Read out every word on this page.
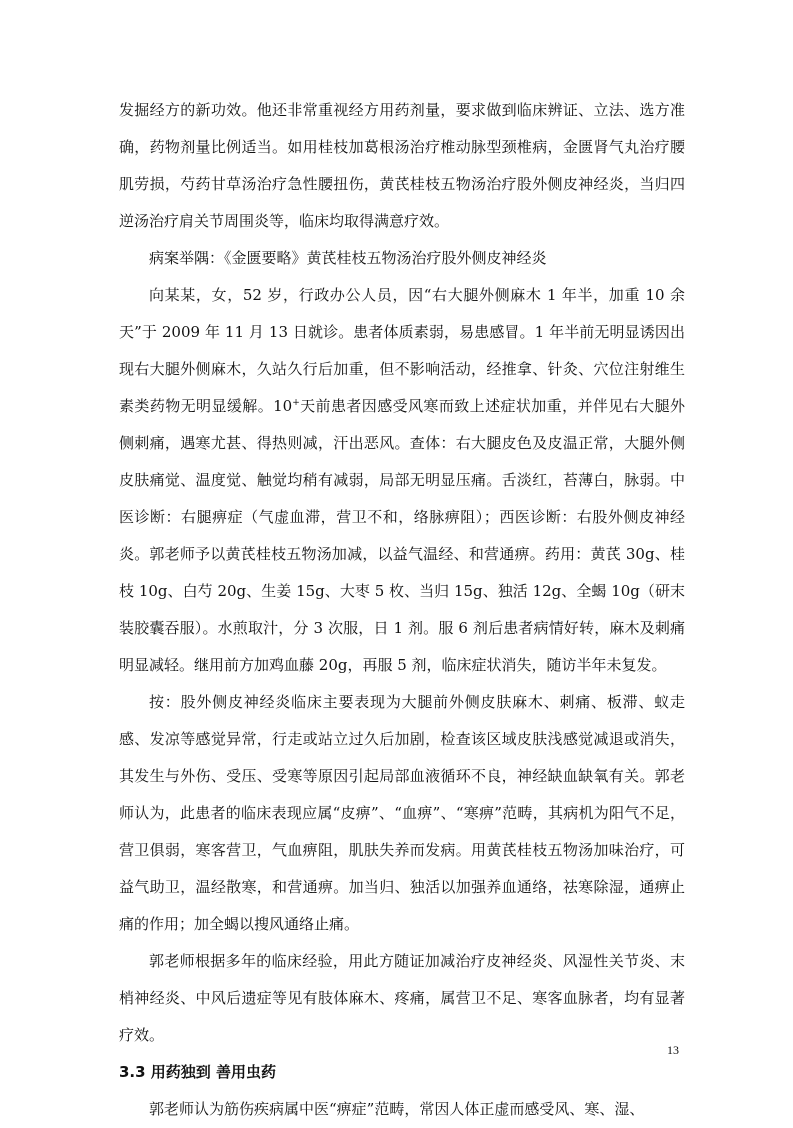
发掘经方的新功效。他还非常重视经方用药剂量，要求做到临床辨证、立法、选方准确，药物剂量比例适当。如用桂枝加葛根汤治疗椎动脉型颈椎病，金匮肾气丸治疗腰肌劳损，芍药甘草汤治疗急性腰扭伤，黄芪桂枝五物汤治疗股外侧皮神经炎，当归四逆汤治疗肩关节周围炎等，临床均取得满意疗效。

病案举隅：《金匮要略》黄芪桂枝五物汤治疗股外侧皮神经炎

向某某，女，52 岁，行政办公人员，因“右大腿外侧麻木 1 年半，加重 10 余天”于 2009 年 11 月 13 日就诊。患者体质素弱，易患感冒。1 年半前无明显诱因出现右大腿外侧麻木，久站久行后加重，但不影响活动，经推拿、针灸、穴位注射维生素类药物无明显缓解。10+天前患者因感受风寒而致上述症状加重，并伴见右大腿外侧刺痛，遇寒尤甚、得热则减，汗出恶风。查体：右大腿皮色及皮温正常，大腿外侧皮肤痛觉、温度觉、触觉均稍有减弱，局部无明显压痛。舌淡红，苔薄白，脉弱。中医诊断：右腿痹症（气虚血滞，营卫不和，络脉痹阻）；西医诊断：右股外侧皮神经炎。郭老师予以黄芪桂枝五物汤加减，以益气温经、和营通痹。药用：黄芪 30g、桂枝 10g、白芍 20g、生姜 15g、大枣 5 枚、当归 15g、独活 12g、全蝎 10g（研末装胶囊吞服）。水煎取汁，分 3 次服，日 1 剂。服 6 剂后患者病情好转，麻木及刺痛明显减轻。继用前方加鸡血藤 20g，再服 5 剂，临床症状消失，随访半年未复发。

按：股外侧皮神经炎临床主要表现为大腿前外侧皮肤麻木、刺痛、板滞、蚁走感、发凉等感觉异常，行走或站立过久后加剧，检查该区域皮肤浅感觉减退或消失，其发生与外伤、受压、受寒等原因引起局部血液循环不良，神经缺血缺氧有关。郭老师认为，此患者的临床表现应属“皮痹”、“血痹”、“寒痹”范畴，其病机为阳气不足，营卫俱弱，寒客营卫，气血痹阻，肌肤失养而发病。用黄芪桂枝五物汤加味治疗，可益气助卫，温经散寒，和营通痹。加当归、独活以加强养血通络，祛寒除湿，通痹止痛的作用；加全蝎以搜风通络止痛。

郭老师根据多年的临床经验，用此方随证加减治疗皮神经炎、风湿性关节炎、末梢神经炎、中风后遗症等见有肢体麻木、疼痛，属营卫不足、寒客血脉者，均有显著疗效。

3.3 用药独到 善用虫药

郭老师认为筋伤疾病属中医“痹症”范畴，常因人体正虚而感受风、寒、湿、

13
